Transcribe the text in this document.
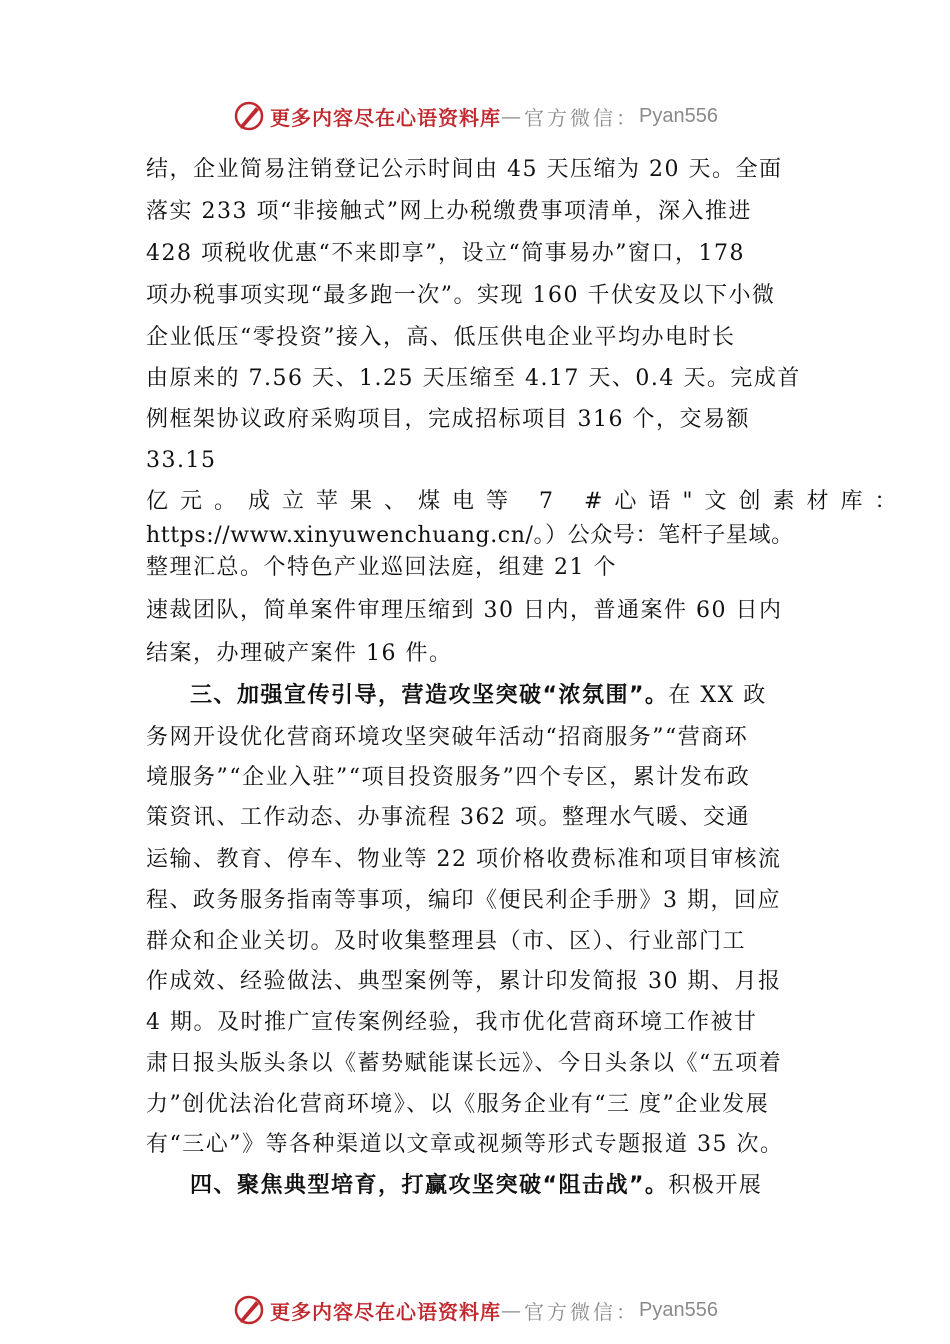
更多内容尽在心语资料库 — 官方微信： Pyan556
结，企业简易注销登记公示时间由 45 天压缩为 20 天。全面
落实 233 项“非接触式”网上办税缴费事项清单，深入推进
428 项税收优惠“不来即享”，设立“简事易办”窗口，178
项办税事项实现“最多跑一次”。实现 160 千伏安及以下小微
企业低压“零投资”接入，高、低压供电企业平均办电时长
由原来的 7.56 天、1.25 天压缩至 4.17 天、0.4 天。完成首
例框架协议政府采购项目，完成招标项目 316 个，交易额
33.15
亿元。成立苹果、煤电等 7 #心语"文创素材库：
https://www.xinyuwenchuang.cn/。）公众号：笔杆子星域。
整理汇总。个特色产业巡回法庭，组建 21 个
速裁团队，简单案件审理压缩到 30 日内，普通案件 60 日内
结案，办理破产案件 16 件。
三、加强宣传引导，营造攻坚突破“浓氛围”。在 XX 政
务网开设优化营商环境攻坚突破年活动“招商服务”“营商环
境服务”“企业入驻”“项目投资服务”四个专区，累计发布政
策资讯、工作动态、办事流程 362 项。整理水气暖、交通
运输、教育、停车、物业等 22 项价格收费标准和项目审核流
程、政务服务指南等事项，编印《便民利企手册》3 期，回应
群众和企业关切。及时收集整理县（市、区）、行业部门工
作成效、经验做法、典型案例等，累计印发简报 30 期、月报
4 期。及时推广宣传案例经验，我市优化营商环境工作被甘
肃日报头版头条以《蓄势赋能谋长远》、今日头条以《“五项着
力”创优法治化营商环境》、以《服务企业有“三 度”企业发展
有“三心”》等各种渠道以文章或视频等形式专题报道 35 次。
四、聚焦典型培育，打赢攻坚突破“阻击战”。积极开展
更多内容尽在心语资料库 — 官方微信： Pyan556
